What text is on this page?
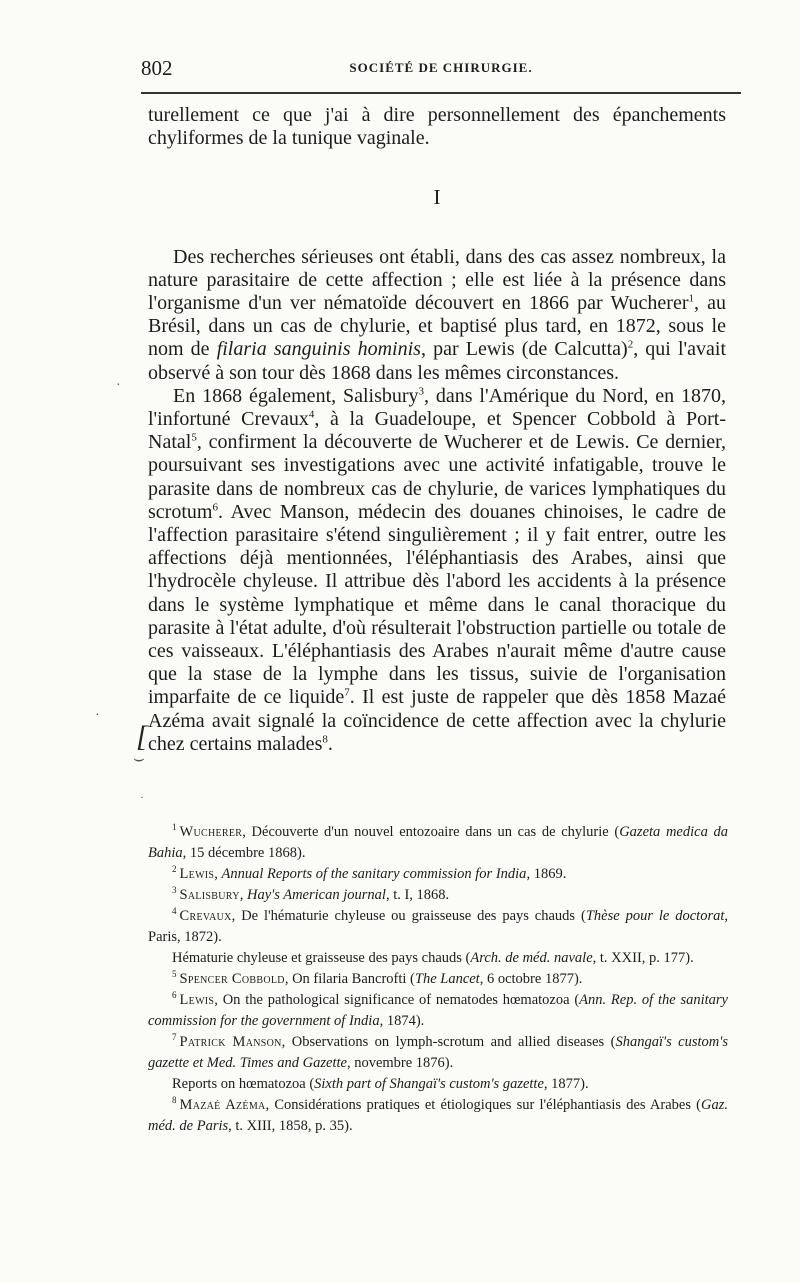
802	SOCIÉTÉ DE CHIRURGIE.

turellement ce que j'ai à dire personnellement des épanchements chyliformes de la tunique vaginale.

I

Des recherches sérieuses ont établi, dans des cas assez nombreux, la nature parasitaire de cette affection ; elle est liée à la présence dans l'organisme d'un ver nématoïde découvert en 1866 par Wucherer$^1$, au Brésil, dans un cas de chylurie, et baptisé plus tard, en 1872, sous le nom de filaria sanguinis hominis, par Lewis (de Calcutta)$^2$, qui l'avait observé à son tour dès 1868 dans les mêmes circonstances.

En 1868 également, Salisbury$^3$, dans l'Amérique du Nord, en 1870, l'infortuné Crevaux$^4$, à la Guadeloupe, et Spencer Cobbold à Port-Natal$^5$, confirment la découverte de Wucherer et de Lewis. Ce dernier, poursuivant ses investigations avec une activité infatigable, trouve le parasite dans de nombreux cas de chylurie, de varices lymphatiques du scrotum$^6$. Avec Manson, médecin des douanes chinoises, le cadre de l'affection parasitaire s'étend singulièrement ; il y fait entrer, outre les affections déjà mentionnées, l'éléphantiasis des Arabes, ainsi que l'hydrocèle chyleuse. Il attribue dès l'abord les accidents à la présence dans le système lymphatique et même dans le canal thoracique du parasite à l'état adulte, d'où résulterait l'obstruction partielle ou totale de ces vaisseaux. L'éléphantiasis des Arabes n'aurait même d'autre cause que la stase de la lymphe dans les tissus, suivie de l'organisation imparfaite de ce liquide$^7$. Il est juste de rappeler que dès 1858 Mazaé Azéma avait signalé la coïncidence de cette affection avec la chylurie chez certains malades$^8$.

[
⌣
·
·
·

$^1$ Wucherer, Découverte d'un nouvel entozoaire dans un cas de chylurie (Gazeta medica da Bahia, 15 décembre 1868).

$^2$ Lewis, Annual Reports of the sanitary commission for India, 1869.

$^3$ Salisbury, Hay's American journal, t. I, 1868.

$^4$ Crevaux, De l'hématurie chyleuse ou graisseuse des pays chauds (Thèse pour le doctorat, Paris, 1872).

Hématurie chyleuse et graisseuse des pays chauds (Arch. de méd. navale, t. XXII, p. 177).

$^5$ Spencer Cobbold, On filaria Bancrofti (The Lancet, 6 octobre 1877).

$^6$ Lewis, On the pathological significance of nematodes hœmatozoa (Ann. Rep. of the sanitary commission for the government of India, 1874).

$^7$ Patrick Manson, Observations on lymph-scrotum and allied diseases (Shangaï's custom's gazette et Med. Times and Gazette, novembre 1876).

Reports on hœmatozoa (Sixth part of Shangaï's custom's gazette, 1877).

$^8$ Mazaé Azéma, Considérations pratiques et étiologiques sur l'éléphantiasis des Arabes (Gaz. méd. de Paris, t. XIII, 1858, p. 35).
